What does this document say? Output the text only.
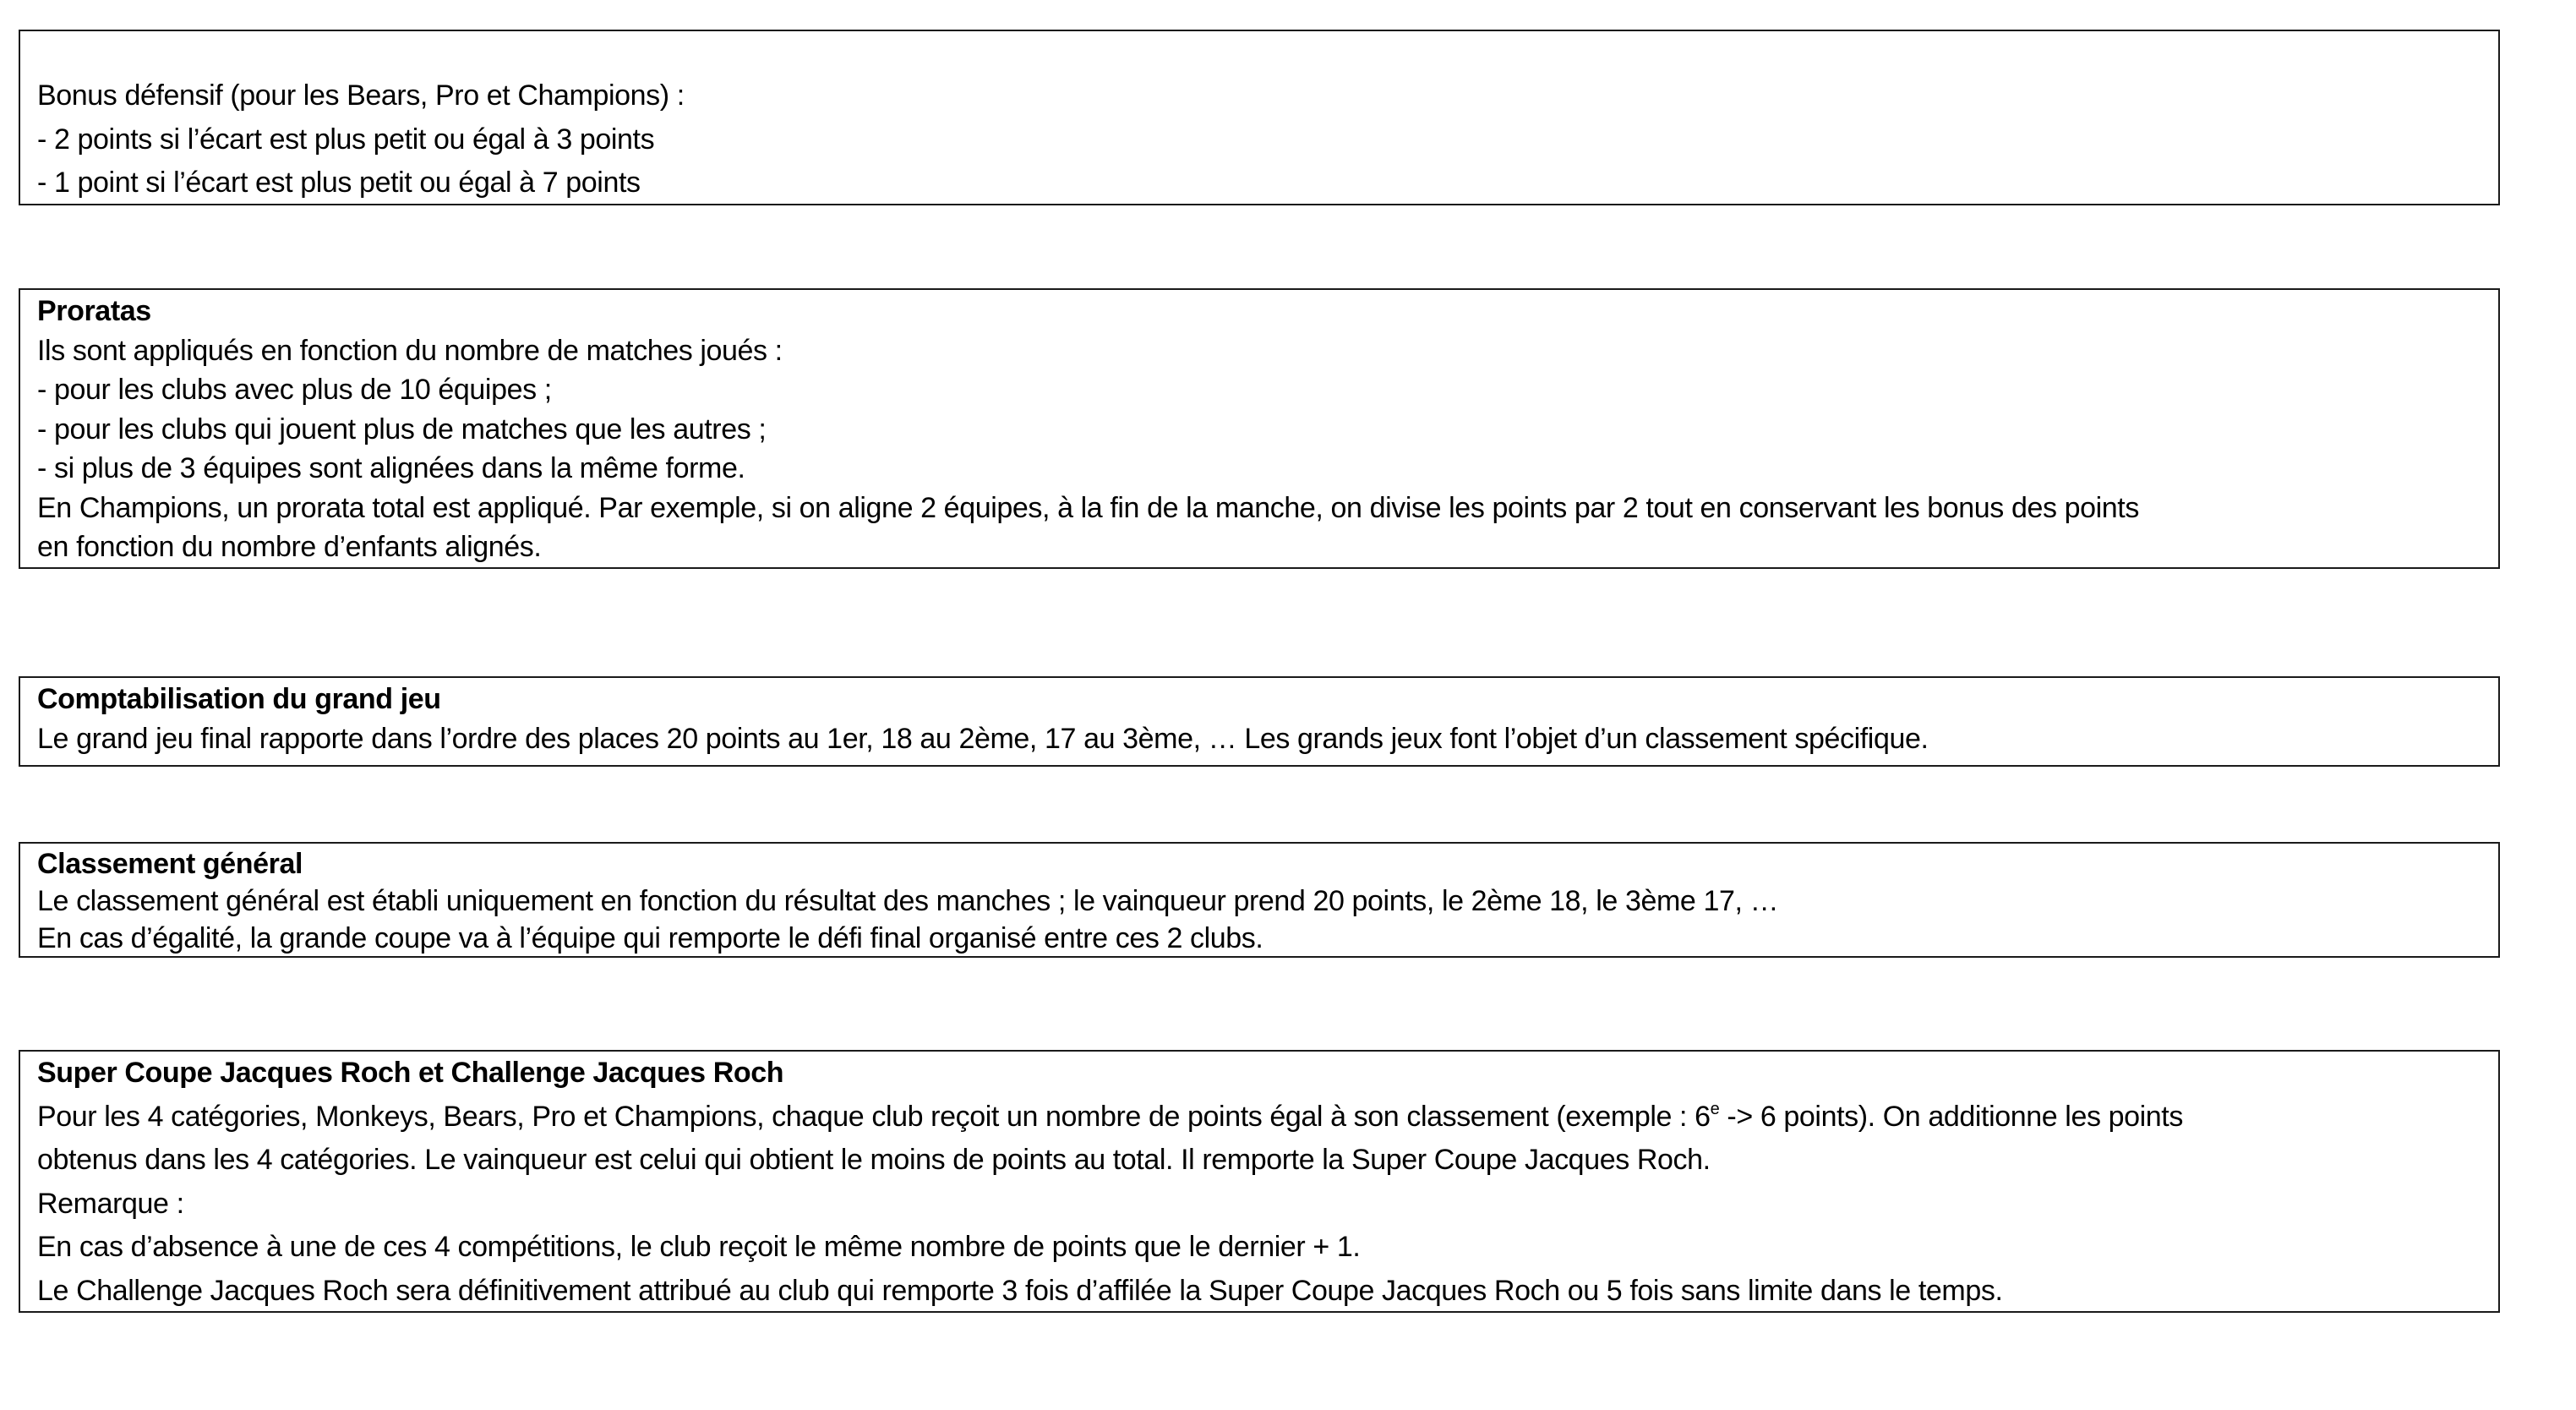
Bonus défensif (pour les Bears, Pro et Champions) :
- 2 points si l’écart est plus petit ou égal à 3 points
- 1 point si l’écart est plus petit ou égal à 7 points
Proratas
Ils sont appliqués en fonction du nombre de matches joués :
- pour les clubs avec plus de 10 équipes ;
- pour les clubs qui jouent plus de matches que les autres ;
- si plus de 3 équipes sont alignées dans la même forme.
En Champions, un prorata total est appliqué. Par exemple, si on aligne 2 équipes, à la fin de la manche, on divise les points par 2 tout en conservant les bonus des points
en fonction du nombre d’enfants alignés.
Comptabilisation du grand jeu
Le grand jeu final rapporte dans l’ordre des places 20 points au 1er, 18 au 2ème, 17 au 3ème, … Les grands jeux font l’objet d’un classement spécifique.
Classement général
Le classement général est établi uniquement en fonction du résultat des manches ; le vainqueur prend 20 points, le 2ème 18, le 3ème 17, …
En cas d’égalité, la grande coupe va à l’équipe qui remporte le défi final organisé entre ces 2 clubs.
Super Coupe Jacques Roch et Challenge Jacques Roch
Pour les 4 catégories, Monkeys, Bears, Pro et Champions, chaque club reçoit un nombre de points égal à son classement (exemple : 6e -> 6 points). On additionne les points
obtenus dans les 4 catégories. Le vainqueur est celui qui obtient le moins de points au total. Il remporte la Super Coupe Jacques Roch.
Remarque :
En cas d’absence à une de ces 4 compétitions, le club reçoit le même nombre de points que le dernier + 1.
Le Challenge Jacques Roch sera définitivement attribué au club qui remporte 3 fois d’affilée la Super Coupe Jacques Roch ou 5 fois sans limite dans le temps.
